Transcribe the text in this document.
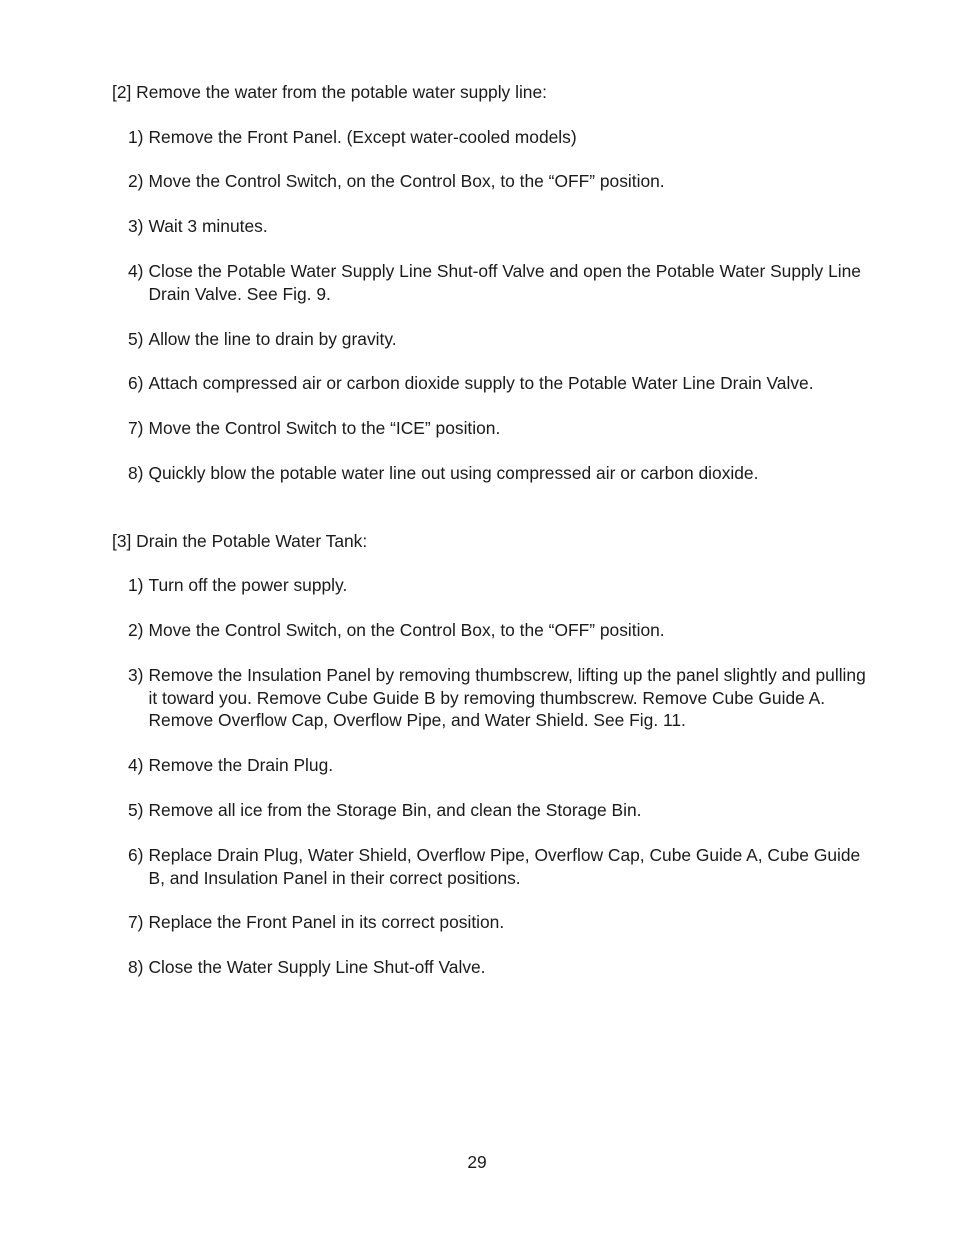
[2] Remove the water from the potable water supply line:
1) Remove the Front Panel. (Except water-cooled models)
2) Move the Control Switch, on the Control Box, to the “OFF” position.
3) Wait 3 minutes.
4) Close the Potable Water Supply Line Shut-off Valve and open the Potable Water Supply Line Drain Valve. See Fig. 9.
5) Allow the line to drain by gravity.
6) Attach compressed air or carbon dioxide supply to the Potable Water Line Drain Valve.
7) Move the Control Switch to the “ICE” position.
8) Quickly blow the potable water line out using compressed air or carbon dioxide.
[3] Drain the Potable Water Tank:
1) Turn off the power supply.
2) Move the Control Switch, on the Control Box, to the “OFF” position.
3) Remove the Insulation Panel by removing thumbscrew, lifting up the panel slightly and pulling it toward you. Remove Cube Guide B by removing thumbscrew. Remove Cube Guide A. Remove Overflow Cap, Overflow Pipe, and Water Shield. See Fig. 11.
4) Remove the Drain Plug.
5) Remove all ice from the Storage Bin, and clean the Storage Bin.
6) Replace Drain Plug, Water Shield, Overflow Pipe, Overflow Cap, Cube Guide A, Cube Guide B, and Insulation Panel in their correct positions.
7) Replace the Front Panel in its correct position.
8) Close the Water Supply Line Shut-off Valve.
29
